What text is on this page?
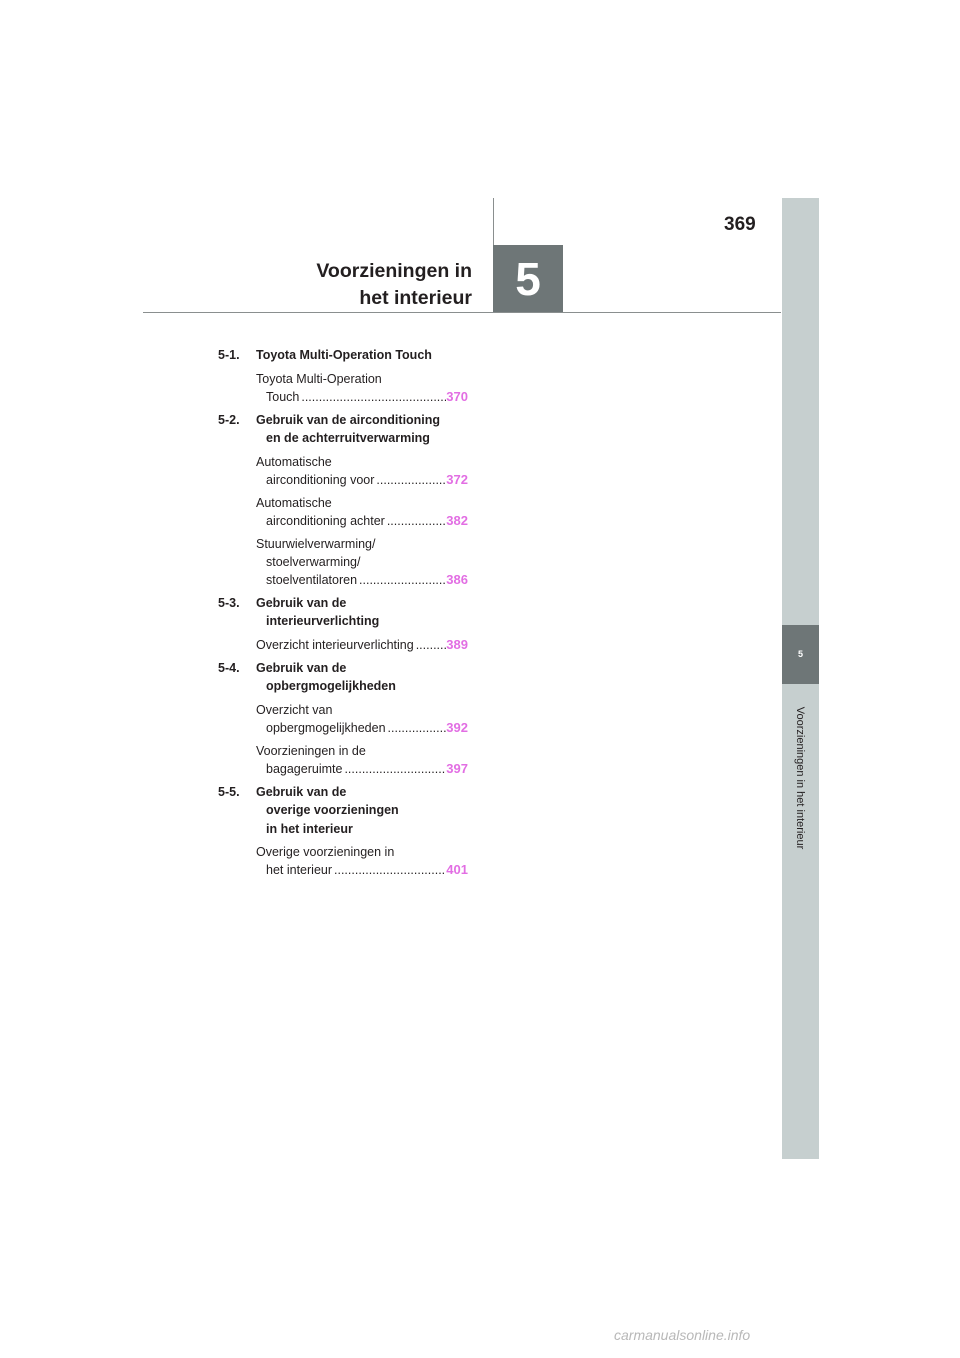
369
Voorzieningen in
het interieur 5
5
Voorzieningen in het interieur
5-1.	Toyota Multi-Operation Touch
Toyota Multi-Operation
Touch .....	370
5-2.	Gebruik van de airconditioning
en de achterruitverwarming
Automatische
airconditioning voor .....	372
Automatische
airconditioning achter .....	382
Stuurwielverwarming/
stoelverwarming/
stoelventilatoren .....	386
5-3.	Gebruik van de
interieurverlichting
Overzicht interieurverlichting .....	389
5-4.	Gebruik van de
opbergmogelijkheden
Overzicht van
opbergmogelijkheden .....	392
Voorzieningen in de
bagageruimte .....	397
5-5.	Gebruik van de
overige voorzieningen
in het interieur
Overige voorzieningen in
het interieur .....	401
carmanualsonline.info
